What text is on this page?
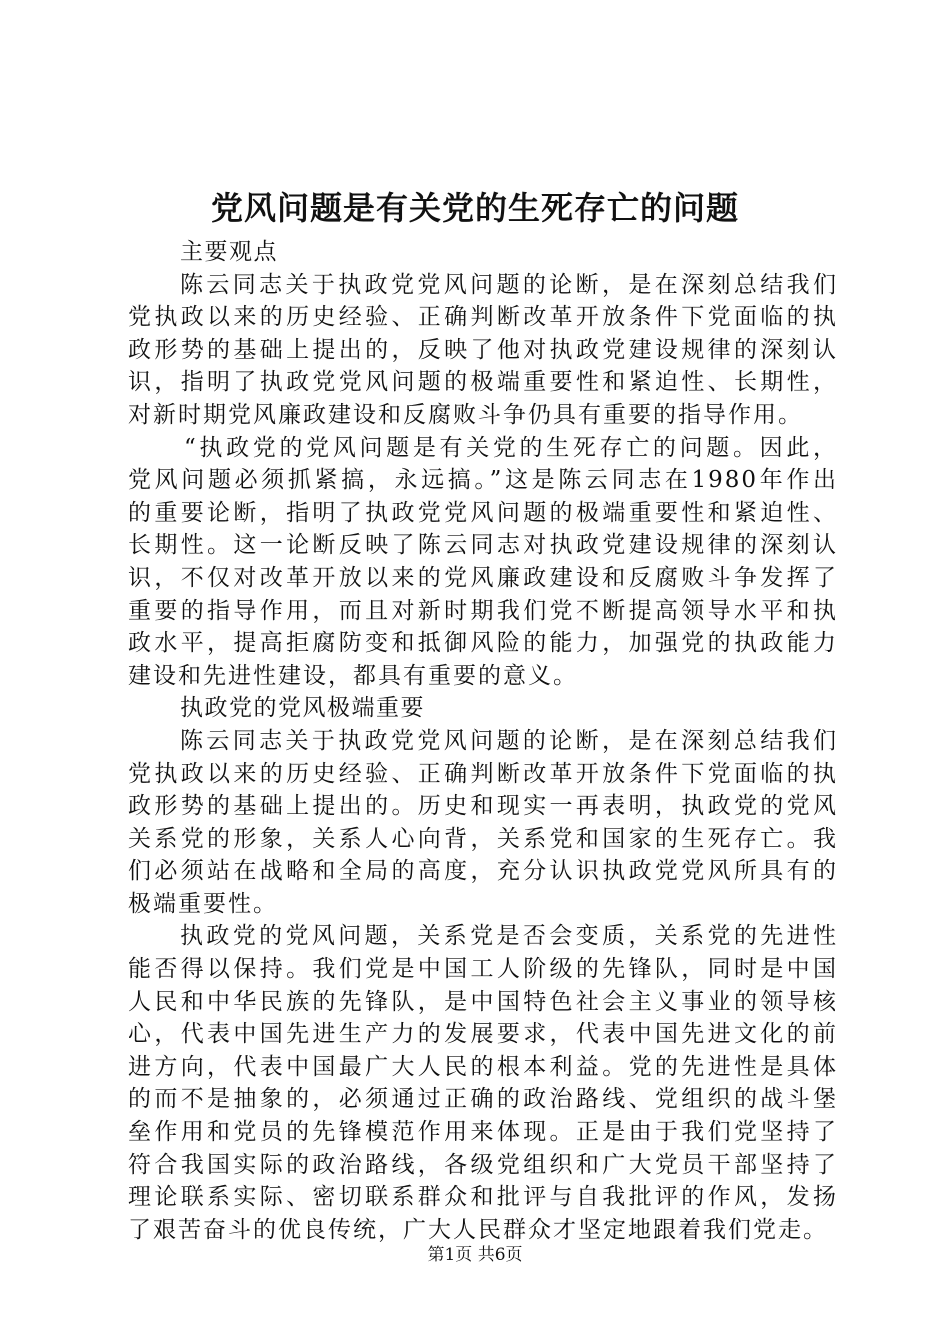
党风问题是有关党的生死存亡的问题

主要观点

陈云同志关于执政党党风问题的论断，是在深刻总结我们
党执政以来的历史经验、正确判断改革开放条件下党面临的执
政形势的基础上提出的，反映了他对执政党建设规律的深刻认
识，指明了执政党党风问题的极端重要性和紧迫性、长期性，
对新时期党风廉政建设和反腐败斗争仍具有重要的指导作用。

“执政党的党风问题是有关党的生死存亡的问题。因此，
党风问题必须抓紧搞，永远搞。”这是陈云同志在1980年作出
的重要论断，指明了执政党党风问题的极端重要性和紧迫性、
长期性。这一论断反映了陈云同志对执政党建设规律的深刻认
识，不仅对改革开放以来的党风廉政建设和反腐败斗争发挥了
重要的指导作用，而且对新时期我们党不断提高领导水平和执
政水平，提高拒腐防变和抵御风险的能力，加强党的执政能力
建设和先进性建设，都具有重要的意义。

执政党的党风极端重要

陈云同志关于执政党党风问题的论断，是在深刻总结我们
党执政以来的历史经验、正确判断改革开放条件下党面临的执
政形势的基础上提出的。历史和现实一再表明，执政党的党风
关系党的形象，关系人心向背，关系党和国家的生死存亡。我
们必须站在战略和全局的高度，充分认识执政党党风所具有的
极端重要性。

执政党的党风问题，关系党是否会变质，关系党的先进性
能否得以保持。我们党是中国工人阶级的先锋队，同时是中国
人民和中华民族的先锋队，是中国特色社会主义事业的领导核
心，代表中国先进生产力的发展要求，代表中国先进文化的前
进方向，代表中国最广大人民的根本利益。党的先进性是具体
的而不是抽象的，必须通过正确的政治路线、党组织的战斗堡
垒作用和党员的先锋模范作用来体现。正是由于我们党坚持了
符合我国实际的政治路线，各级党组织和广大党员干部坚持了
理论联系实际、密切联系群众和批评与自我批评的作风，发扬
了艰苦奋斗的优良传统，广大人民群众才坚定地跟着我们党走。

第1页 共6页
